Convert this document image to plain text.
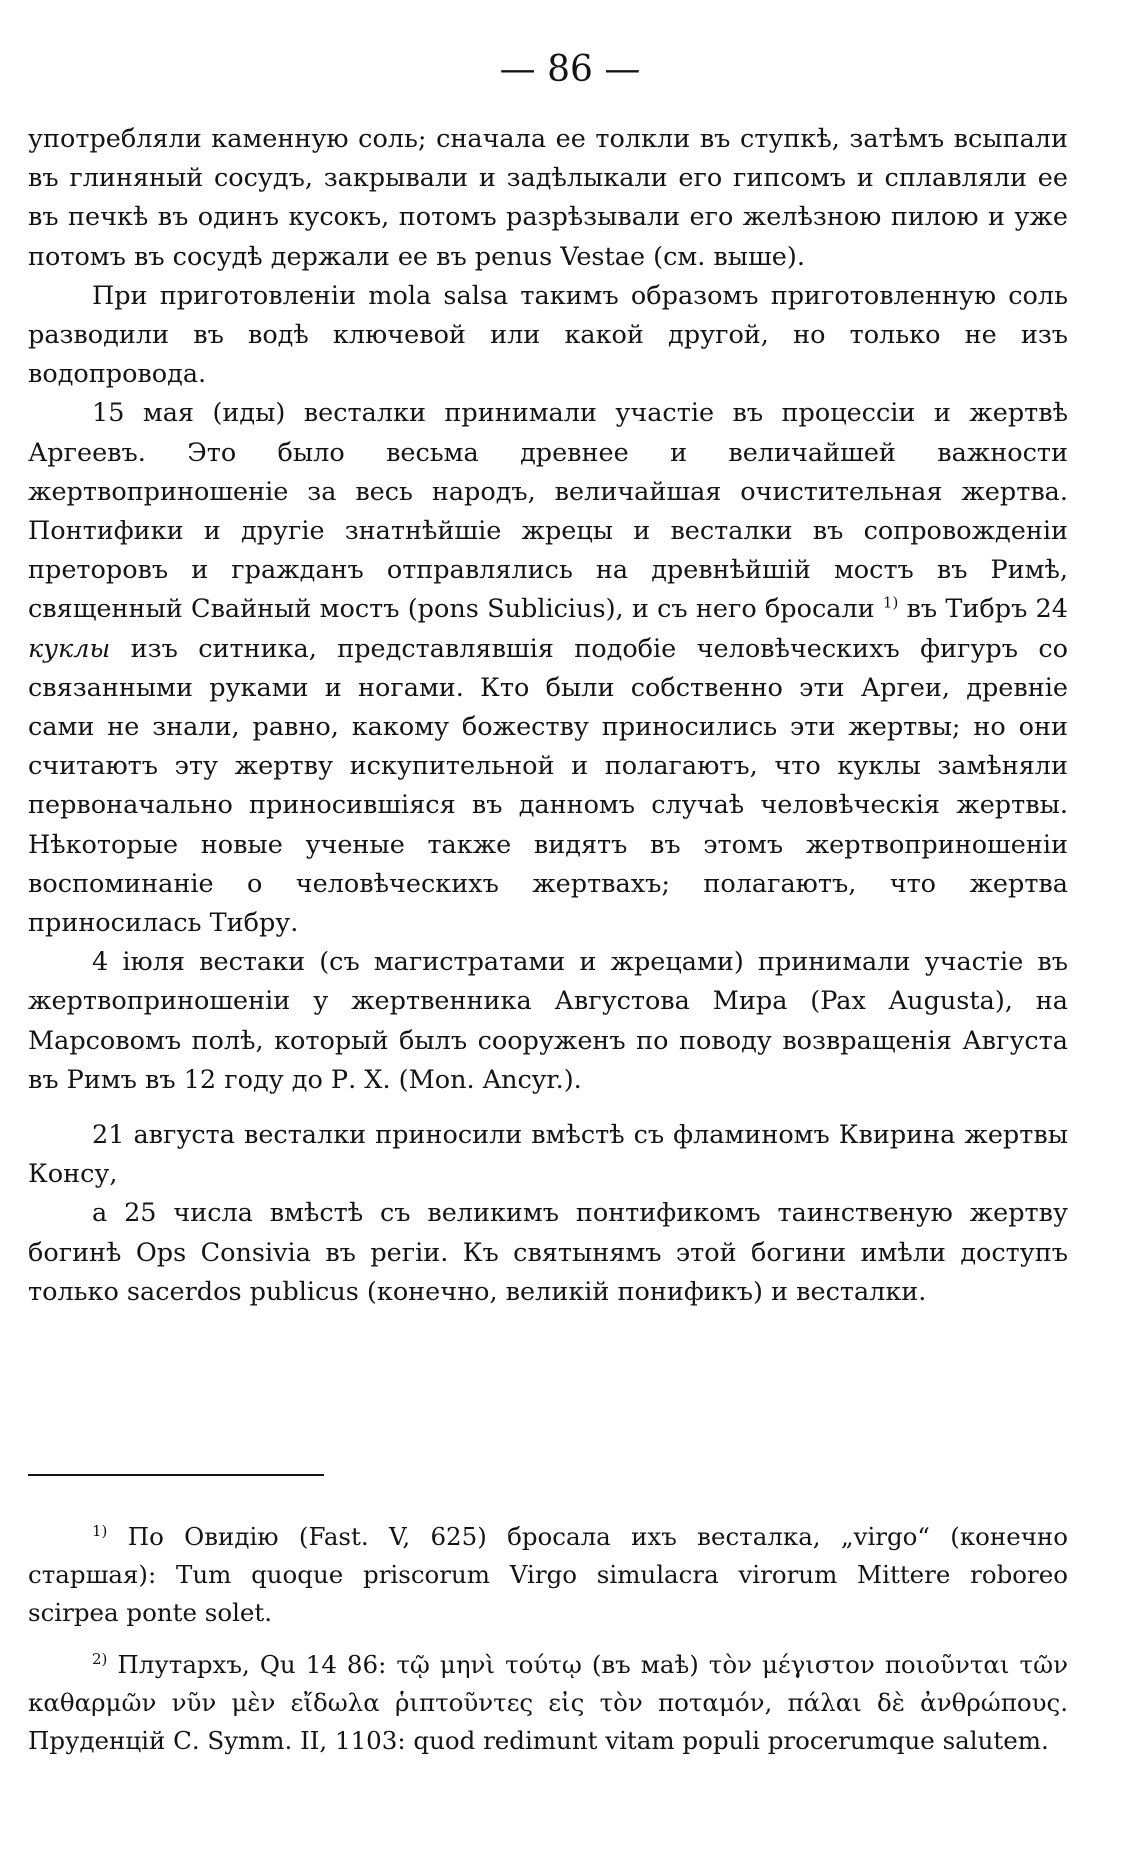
— 86 —

употребляли каменную соль; сначала ее толкли въ ступкѣ, затѣмъ всыпали въ глиняный сосудъ, закрывали и задѣлыкали его гипсомъ и сплавляли ее въ печкѣ въ одинъ кусокъ, потомъ разрѣзывали его желѣзною пилою и уже потомъ въ сосудѣ держали ее въ penus Vestae (см. выше).

При приготовленіи mola salsa такимъ образомъ приготовленную соль разводили въ водѣ ключевой или какой другой, но только не изъ водопровода.

15 мая (иды) весталки принимали участіе въ процессіи и жертвѣ Аргеевъ. Это было весьма древнее и величайшей важности жертвоприношеніе за весь народъ, величайшая очистительная жертва. Понтифики и другіе знатнѣйшіе жрецы и весталки въ сопровожденіи преторовъ и гражданъ отправлялись на древнѣйшій мостъ въ Римѣ, священный Свайный мостъ (pons Sublicius), и съ него бросали $^{1)}$ въ Тибръ 24 куклы изъ ситника, представлявшія подобіе человѣческихъ фигуръ со связанными руками и ногами. Кто были собственно эти Аргеи, древніе сами не знали, равно, какому божеству приносились эти жертвы; но они считаютъ эту жертву искупительной и полагаютъ, что куклы замѣняли первоначально приносившіяся въ данномъ случаѣ человѣческія жертвы. Нѣкоторые новые ученые также видятъ въ этомъ жертвоприношеніи воспоминаніе о человѣческихъ жертвахъ; полагаютъ, что жертва приносилась Тибру.

4 іюля вестаки (съ магистратами и жрецами) принимали участіе въ жертвоприношеніи у жертвенника Августова Мира (Pax Augusta), на Марсовомъ полѣ, который былъ сооруженъ по поводу возвращенія Августа въ Римъ въ 12 году до Р. Х. (Mon. Ancyr.).

21 августа весталки приносили вмѣстѣ съ фламиномъ Квирина жертвы Консу,

а 25 числа вмѣстѣ съ великимъ понтификомъ таинственую жертву богинѣ Ops Consivia въ регіи. Къ святынямъ этой богини имѣли доступъ только sacerdos publicus (конечно, великій понификъ) и весталки.

$^{1)}$ По Овидію (Fast. V, 625) бросала ихъ весталка, „virgo“ (конечно старшая): Tum quoque priscorum Virgo simulacra virorum Mittere roboreo scirpea ponte solet.

$^{2)}$ Плутархъ, Qu 14 86: τῷ μηνὶ τούτῳ (въ маѣ) τὸν μέγιστον ποιοῦνται τῶν καθαρμῶν νῦν μὲν εἴδωλα ῥιπτοῦντες εἰς τὸν ποταμόν, πάλαι δὲ ἀνθρώπους. Пруденцій С. Symm. II, 1103: quod redimunt vitam populi procerumque salutem.
